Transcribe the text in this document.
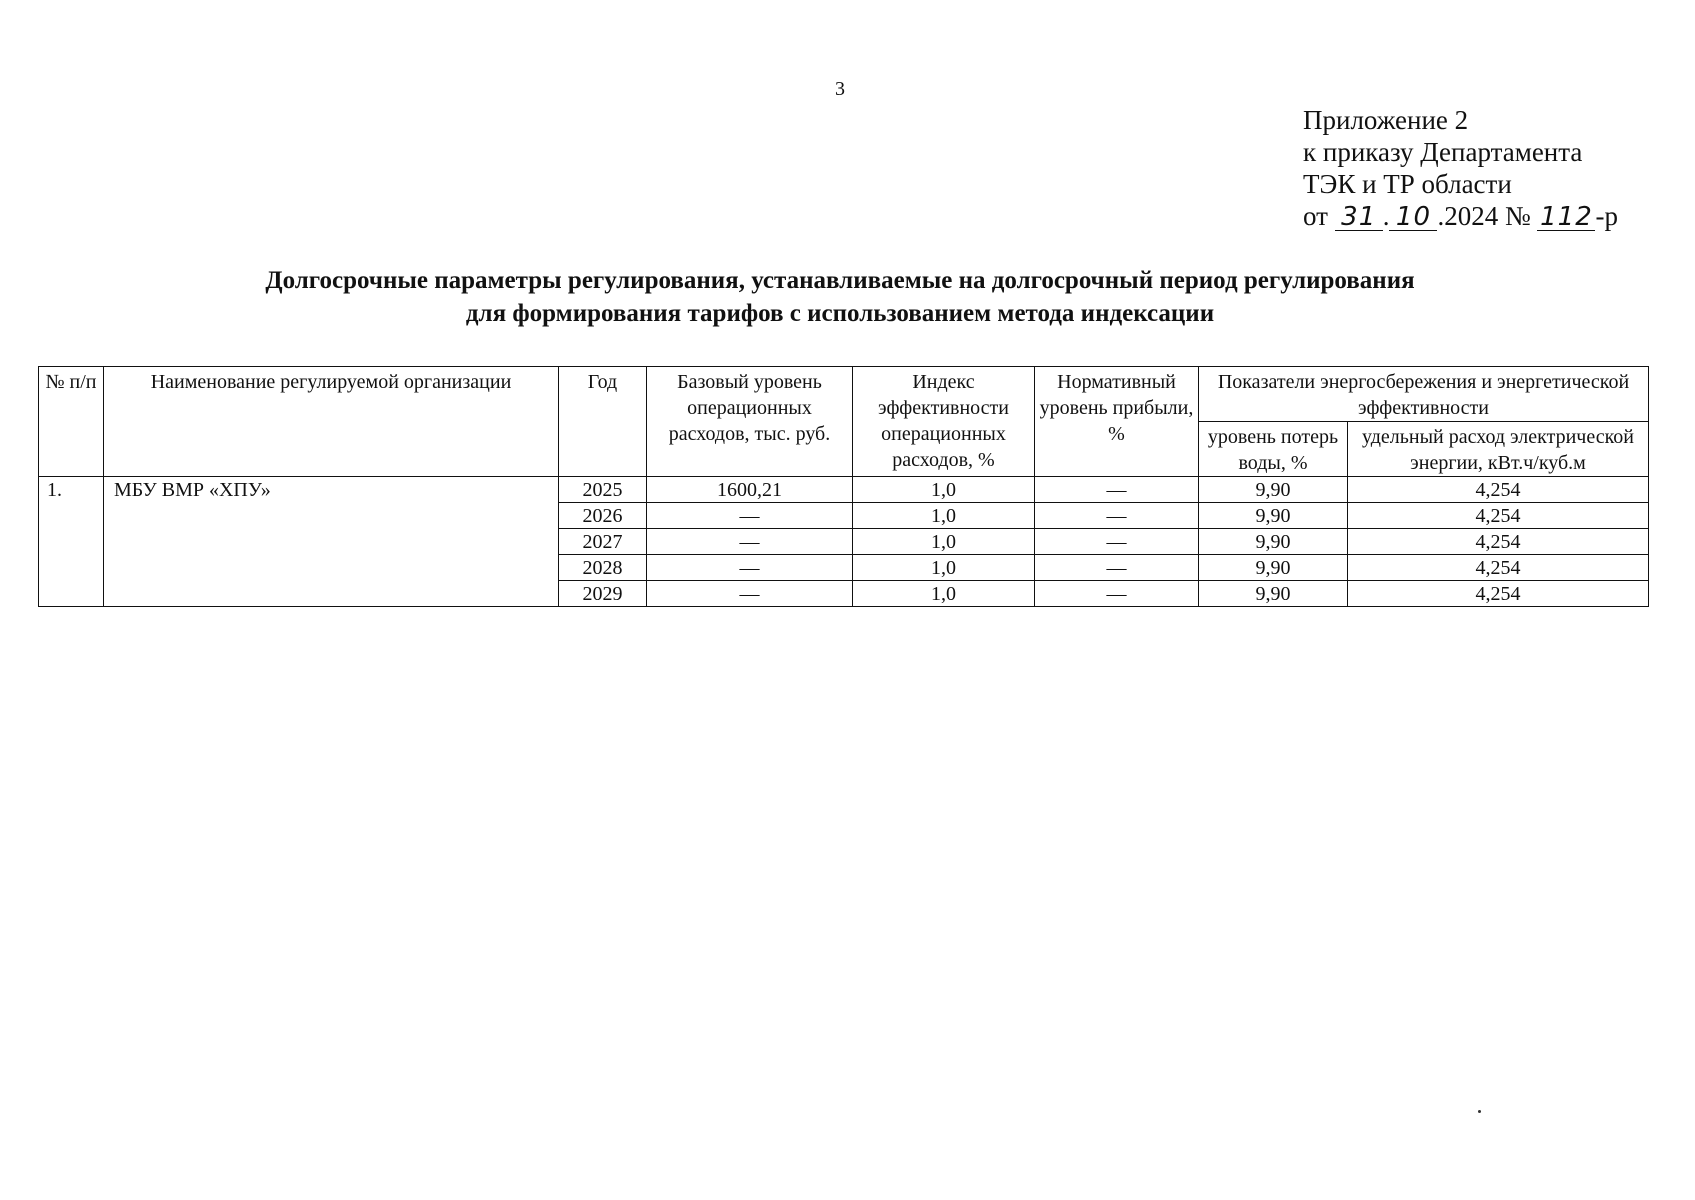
3
Приложение 2
к приказу Департамента
ТЭК и ТР области
от 31 . 10 .2024 № 112-р
Долгосрочные параметры регулирования, устанавливаемые на долгосрочный период регулирования
для формирования тарифов с использованием метода индексации
№ п/п	Наименование регулируемой организации	Год	Базовый уровень операционных расходов, тыс. руб.	Индекс эффективности операционных расходов, %	Нормативный уровень прибыли, %	Показатели энергосбережения и энергетической эффективности	
						уровень потерь воды, %	удельный расход электрической энергии, кВт.ч/куб.м
1.	МБУ ВМР «ХПУ»	2025	1600,21	1,0	—	9,90	4,254
		2026	—	1,0	—	9,90	4,254
		2027	—	1,0	—	9,90	4,254
		2028	—	1,0	—	9,90	4,254
		2029	—	1,0	—	9,90	4,254
